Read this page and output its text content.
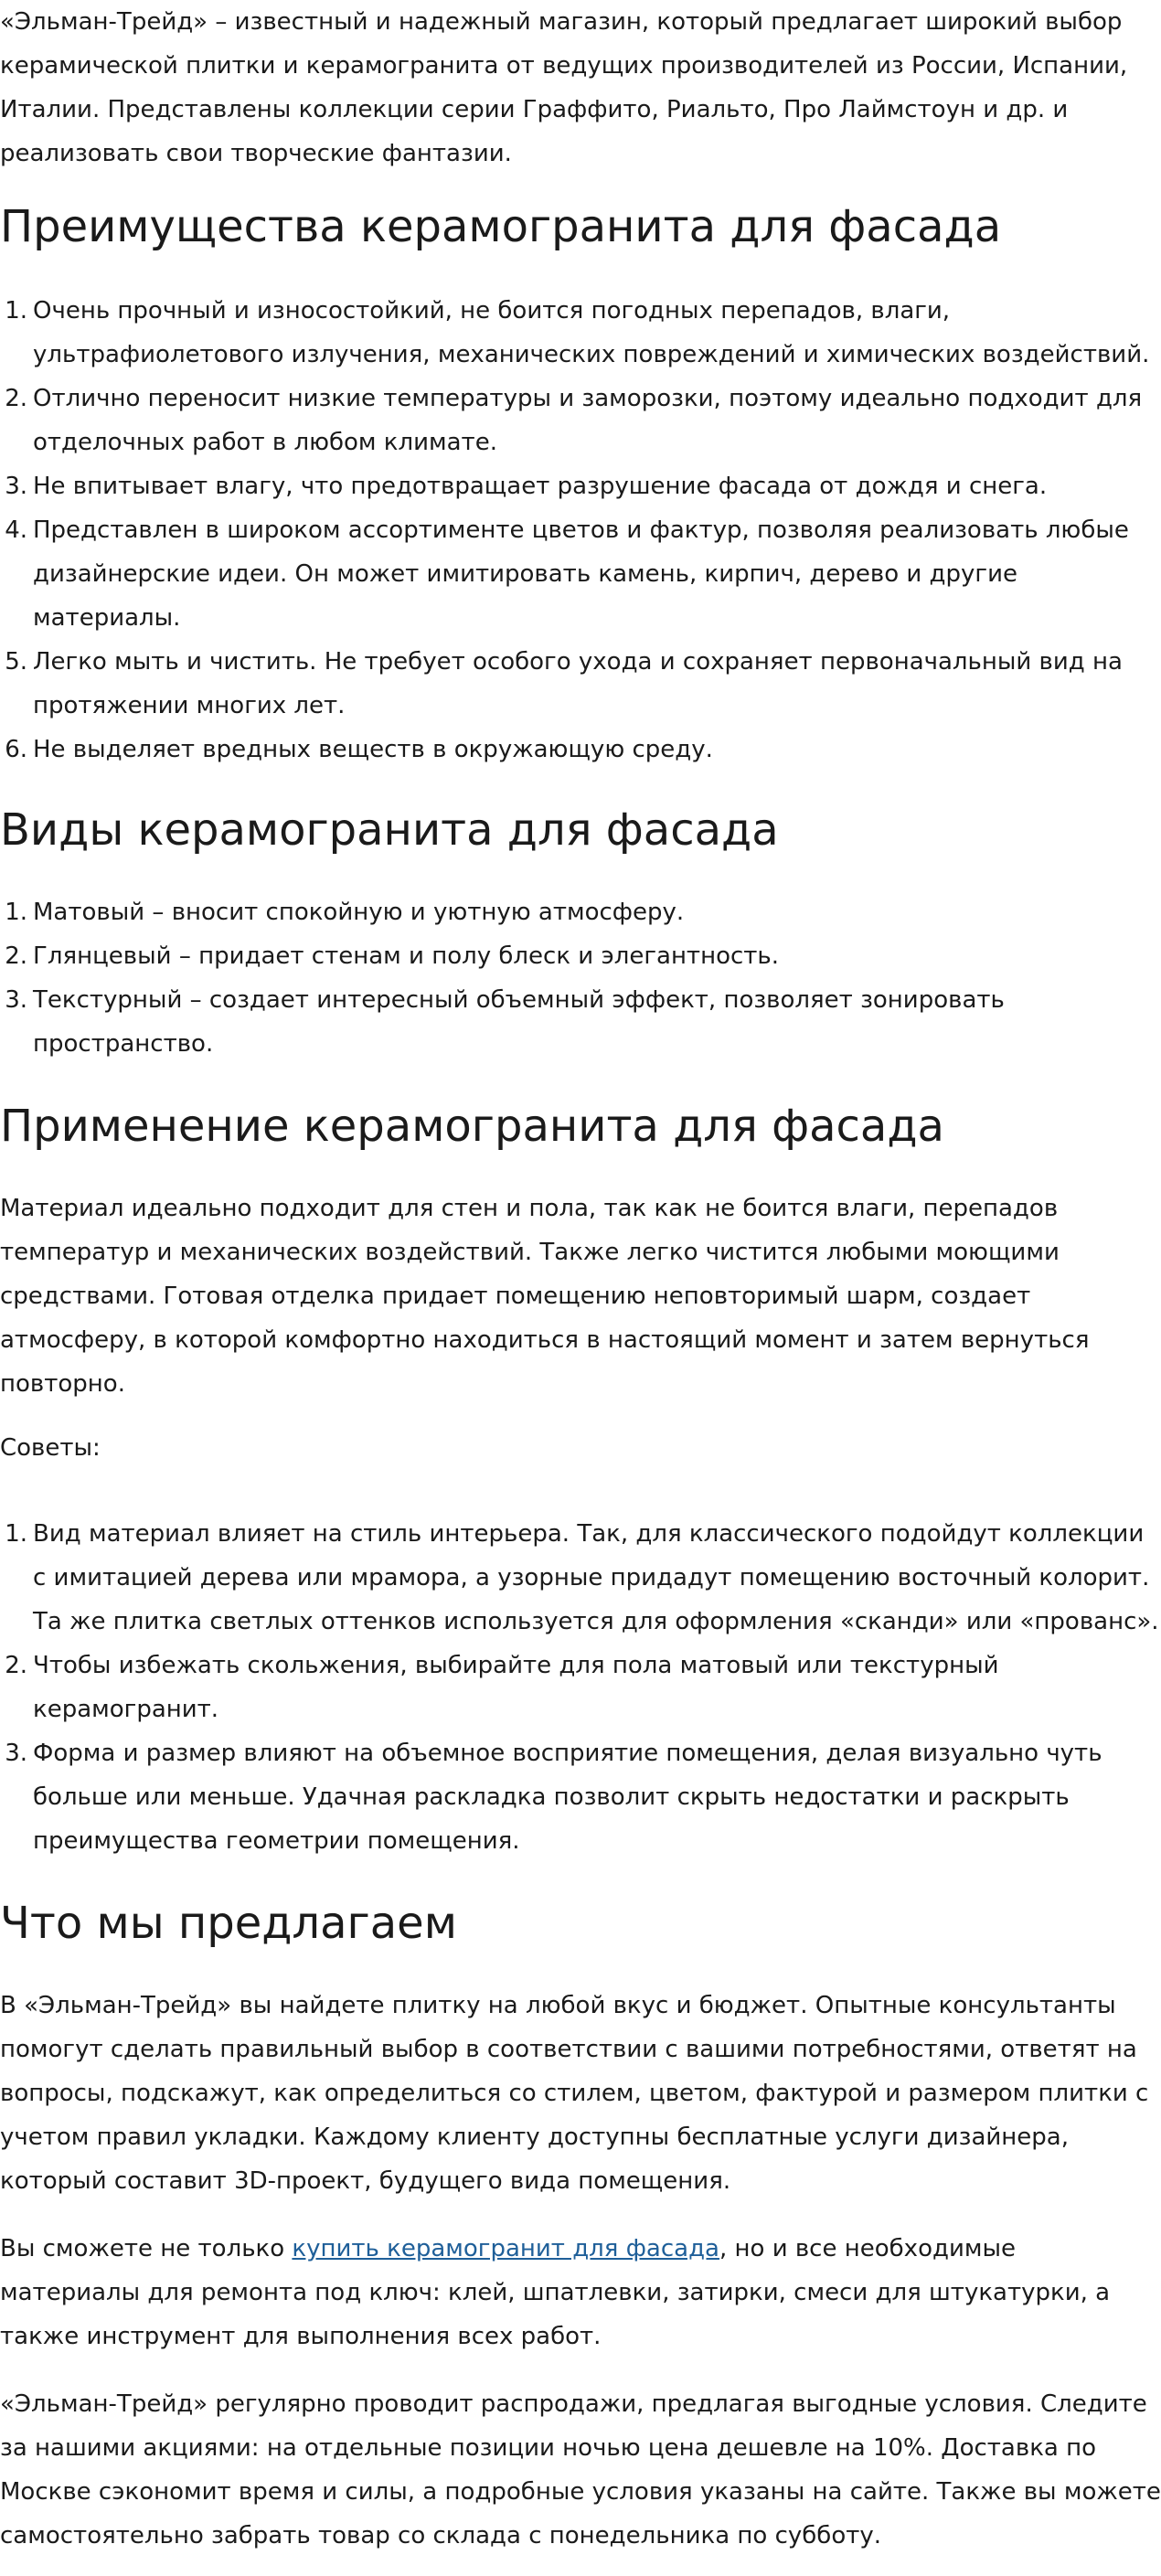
«Эльман-Трейд» – известный и надежный магазин, который предлагает широкий выбор керамической плитки и керамогранита от ведущих производителей из России, Испании, Италии. Представлены коллекции серии Граффито, Риальто, Про Лаймстоун и др. и реализовать свои творческие фантазии.

Преимущества керамогранита для фасада
1. Очень прочный и износостойкий, не боится погодных перепадов, влаги, ультрафиолетового излучения, механических повреждений и химических воздействий.
2. Отлично переносит низкие температуры и заморозки, поэтому идеально подходит для отделочных работ в любом климате.
3. Не впитывает влагу, что предотвращает разрушение фасада от дождя и снега.
4. Представлен в широком ассортименте цветов и фактур, позволяя реализовать любые дизайнерские идеи. Он может имитировать камень, кирпич, дерево и другие материалы.
5. Легко мыть и чистить. Не требует особого ухода и сохраняет первоначальный вид на протяжении многих лет.
6. Не выделяет вредных веществ в окружающую среду.
Виды керамогранита для фасада
1. Матовый – вносит спокойную и уютную атмосферу.
2. Глянцевый – придает стенам и полу блеск и элегантность.
3. Текстурный – создает интересный объемный эффект, позволяет зонировать пространство.
Применение керамогранита для фасада

Материал идеально подходит для стен и пола, так как не боится влаги, перепадов температур и механических воздействий. Также легко чистится любыми моющими средствами. Готовая отделка придает помещению неповторимый шарм, создает атмосферу, в которой комфортно находиться в настоящий момент и затем вернуться повторно.

Советы:

1. Вид материал влияет на стиль интерьера. Так, для классического подойдут коллекции с имитацией дерева или мрамора, а узорные придадут помещению восточный колорит. Та же плитка светлых оттенков используется для оформления «сканди» или «прованс».
2. Чтобы избежать скольжения, выбирайте для пола матовый или текстурный керамогранит.
3. Форма и размер влияют на объемное восприятие помещения, делая визуально чуть больше или меньше. Удачная раскладка позволит скрыть недостатки и раскрыть преимущества геометрии помещения.
Что мы предлагаем

В «Эльман-Трейд» вы найдете плитку на любой вкус и бюджет. Опытные консультанты помогут сделать правильный выбор в соответствии с вашими потребностями, ответят на вопросы, подскажут, как определиться со стилем, цветом, фактурой и размером плитки с учетом правил укладки. Каждому клиенту доступны бесплатные услуги дизайнера, который составит 3D-проект, будущего вида помещения.

Вы сможете не только купить керамогранит для фасада, но и все необходимые материалы для ремонта под ключ: клей, шпатлевки, затирки, смеси для штукатурки, а также инструмент для выполнения всех работ.

«Эльман-Трейд» регулярно проводит распродажи, предлагая выгодные условия. Следите за нашими акциями: на отдельные позиции ночью цена дешевле на 10%. Доставка по Москве сэкономит время и силы, а подробные условия указаны на сайте. Также вы можете самостоятельно забрать товар со склада с понедельника по субботу.
